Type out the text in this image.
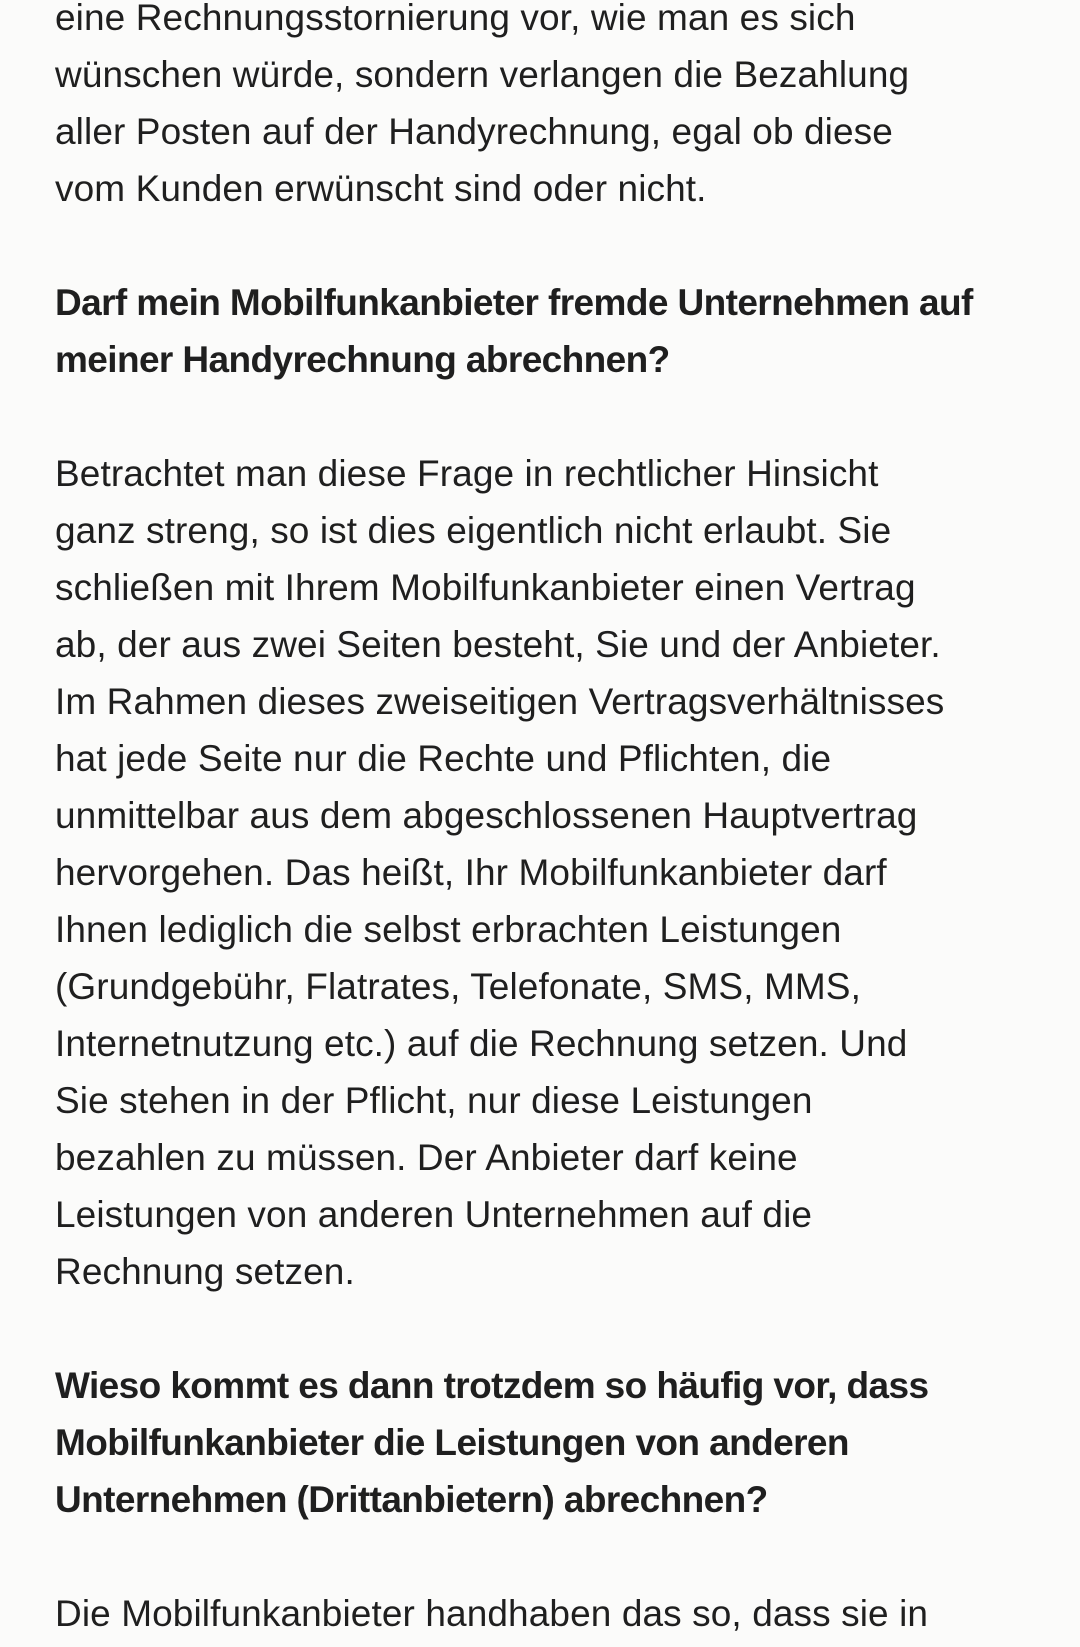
eine Rechnungsstornierung vor, wie man es sich
wünschen würde, sondern verlangen die Bezahlung
aller Posten auf der Handyrechnung, egal ob diese
vom Kunden erwünscht sind oder nicht.

Darf mein Mobilfunkanbieter fremde Unternehmen auf
meiner Handyrechnung abrechnen?

Betrachtet man diese Frage in rechtlicher Hinsicht
ganz streng, so ist dies eigentlich nicht erlaubt. Sie
schließen mit Ihrem Mobilfunkanbieter einen Vertrag
ab, der aus zwei Seiten besteht, Sie und der Anbieter.
Im Rahmen dieses zweiseitigen Vertragsverhältnisses
hat jede Seite nur die Rechte und Pflichten, die
unmittelbar aus dem abgeschlossenen Hauptvertrag
hervorgehen. Das heißt, Ihr Mobilfunkanbieter darf
Ihnen lediglich die selbst erbrachten Leistungen
(Grundgebühr, Flatrates, Telefonate, SMS, MMS,
Internetnutzung etc.) auf die Rechnung setzen. Und
Sie stehen in der Pflicht, nur diese Leistungen
bezahlen zu müssen. Der Anbieter darf keine
Leistungen von anderen Unternehmen auf die
Rechnung setzen.

Wieso kommt es dann trotzdem so häufig vor, dass
Mobilfunkanbieter die Leistungen von anderen
Unternehmen (Drittanbietern) abrechnen?

Die Mobilfunkanbieter handhaben das so, dass sie in
